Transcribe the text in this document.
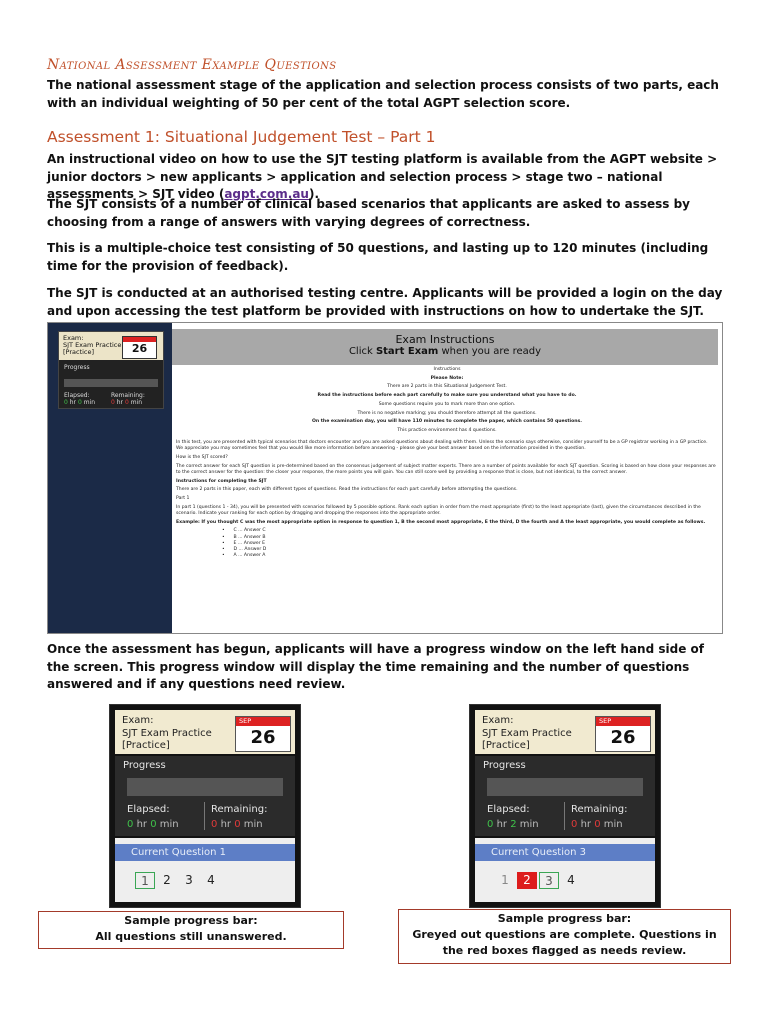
National Assessment Example Questions
The national assessment stage of the application and selection process consists of two parts, each with an individual weighting of 50 per cent of the total AGPT selection score.
Assessment 1: Situational Judgement Test – Part 1
An instructional video on how to use the SJT testing platform is available from the AGPT website > junior doctors > new applicants > application and selection process > stage two – national assessments > SJT video (agpt.com.au).
The SJT consists of a number of clinical based scenarios that applicants are asked to assess by choosing from a range of answers with varying degrees of correctness.
This is a multiple-choice test consisting of 50 questions, and lasting up to 120 minutes (including time for the provision of feedback).
The SJT is conducted at an authorised testing centre. Applicants will be provided a login on the day and upon accessing the test platform be provided with instructions on how to undertake the SJT.
Exam:
SJT Exam Practice
[Practice]	26
Progress
Elapsed:	Remaining:
0 hr 0 min	0 hr 0 min
Exam Instructions
Click Start Exam when you are ready

Instructions

Please Note:

There are 2 parts in this Situational Judgement Test.

Read the instructions before each part carefully to make sure you understand what you have to do.

Some questions require you to mark more than one option.

There is no negative marking; you should therefore attempt all the questions.

On the examination day, you will have 110 minutes to complete the paper, which contains 50 questions.

This practice environment has 4 questions.

In this test, you are presented with typical scenarios that doctors encounter and you are asked questions about dealing with them. Unless the scenario says otherwise, consider yourself to be a GP registrar working in a GP practice. We appreciate you may sometimes feel that you would like more information before answering - please give your best answer based on the information provided in the question.

How is the SJT scored?

The correct answer for each SJT question is pre-determined based on the consensus judgement of subject matter experts. There are a number of points available for each SJT question. Scoring is based on how close your responses are to the correct answer for the question: the closer your response, the more points you will gain. You can still score well by providing a response that is close, but not identical, to the correct answer.

Instructions for completing the SJT

There are 2 parts in this paper, each with different types of questions. Read the instructions for each part carefully before attempting the questions.

Part 1

In part 1 (questions 1 - 34), you will be presented with scenarios followed by 5 possible options. Rank each option in order from the most appropriate (first) to the least appropriate (last), given the circumstances described in the scenario. Indicate your ranking for each option by dragging and dropping the responses into the appropriate order.

Example: If you thought C was the most appropriate option in response to question 1, B the second most appropriate, E the third, D the fourth and A the least appropriate, you would complete as follows.

•      C ... Answer C
•      B ... Answer B
•      E ... Answer E
•      D ... Answer D
•      A ... Answer A
Once the assessment has begun, applicants will have a progress window on the left hand side of the screen. This progress window will display the time remaining and the number of questions answered and if any questions need review.
Exam:
SJT Exam Practice
[Practice]
SEP
26
Progress
Elapsed:	Remaining:
0 hr 0 min	0 hr 0 min
Current Question 1
1	2	3	4
Exam:
SJT Exam Practice
[Practice]
SEP
26
Progress
Elapsed:	Remaining:
0 hr 2 min	0 hr 0 min
Current Question 3
1	2	3	4
Sample progress bar:
All questions still unanswered.
Sample progress bar:
Greyed out questions are complete. Questions in the red boxes flagged as needs review.
